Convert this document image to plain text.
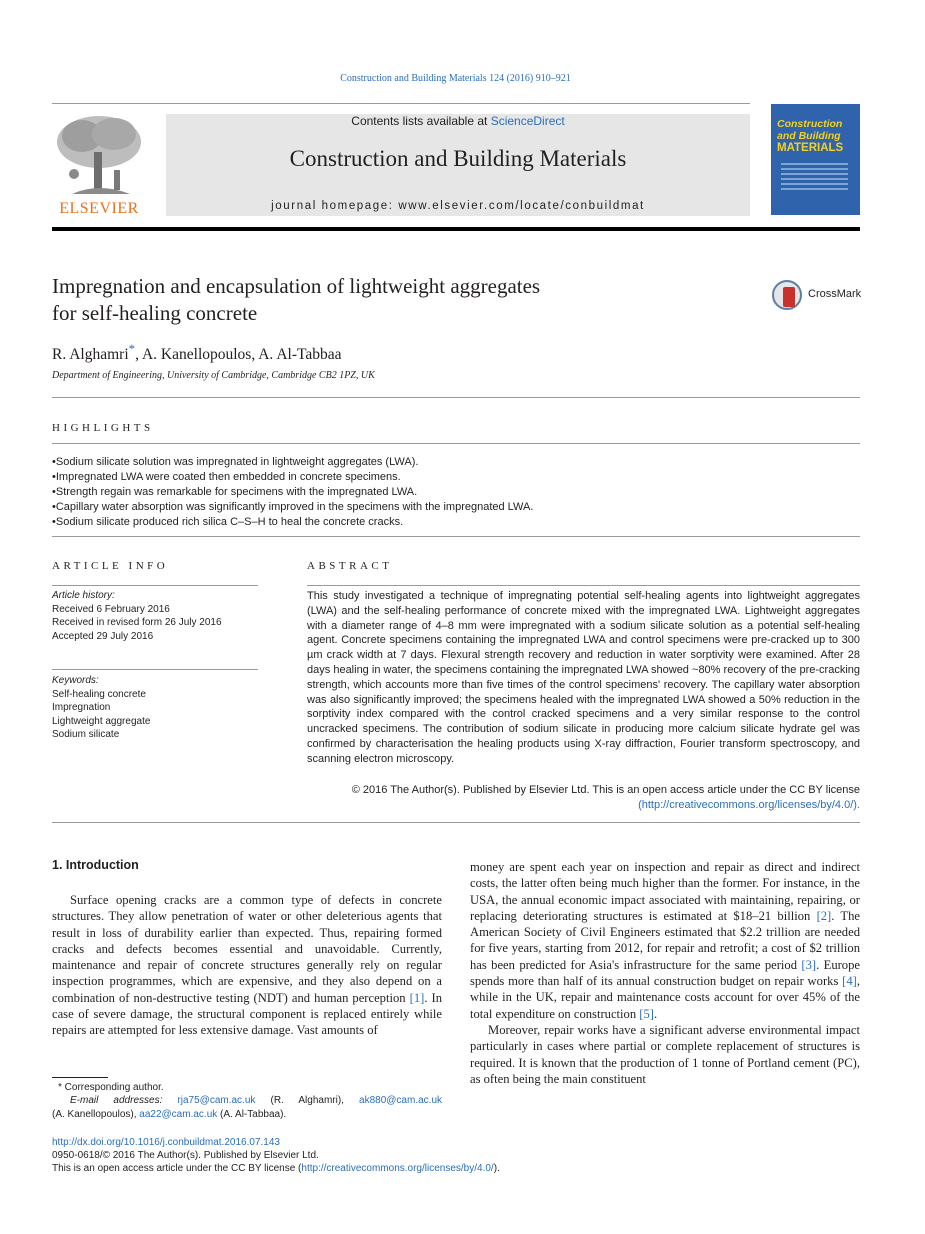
Construction and Building Materials 124 (2016) 910–921
ELSEVIER
Contents lists available at ScienceDirect
Construction and Building Materials
journal homepage: www.elsevier.com/locate/conbuildmat
Construction
and Building
MATERIALS
Impregnation and encapsulation of lightweight aggregates
for self-healing concrete
CrossMark
R. Alghamri*, A. Kanellopoulos, A. Al-Tabbaa
Department of Engineering, University of Cambridge, Cambridge CB2 1PZ, UK
HIGHLIGHTS
• Sodium silicate solution was impregnated in lightweight aggregates (LWA).
• Impregnated LWA were coated then embedded in concrete specimens.
• Strength regain was remarkable for specimens with the impregnated LWA.
• Capillary water absorption was significantly improved in the specimens with the impregnated LWA.
• Sodium silicate produced rich silica C–S–H to heal the concrete cracks.
ARTICLE INFO
Article history:
Received 6 February 2016
Received in revised form 26 July 2016
Accepted 29 July 2016
Keywords:
Self-healing concrete
Impregnation
Lightweight aggregate
Sodium silicate
ABSTRACT
This study investigated a technique of impregnating potential self-healing agents into lightweight aggregates (LWA) and the self-healing performance of concrete mixed with the impregnated LWA. Lightweight aggregates with a diameter range of 4–8 mm were impregnated with a sodium silicate solution as a potential self-healing agent. Concrete specimens containing the impregnated LWA and control specimens were pre-cracked up to 300 µm crack width at 7 days. Flexural strength recovery and reduction in water sorptivity were examined. After 28 days healing in water, the specimens containing the impregnated LWA showed ~80% recovery of the pre-cracking strength, which accounts more than five times of the control specimens' recovery. The capillary water absorption was also significantly improved; the specimens healed with the impregnated LWA showed a 50% reduction in the sorptivity index compared with the control cracked specimens and a very similar response to the control uncracked specimens. The contribution of sodium silicate in producing more calcium silicate hydrate gel was confirmed by characterisation the healing products using X-ray diffraction, Fourier transform spectroscopy, and scanning electron microscopy.
© 2016 The Author(s). Published by Elsevier Ltd. This is an open access article under the CC BY license
(http://creativecommons.org/licenses/by/4.0/).
1. Introduction

Surface opening cracks are a common type of defects in concrete structures. They allow penetration of water or other deleterious agents that result in loss of durability earlier than expected. Thus, repairing formed cracks and defects becomes essential and unavoidable. Currently, maintenance and repair of concrete structures generally rely on regular inspection programmes, which are expensive, and they also depend on a combination of non-destructive testing (NDT) and human perception [1]. In case of severe damage, the structural component is replaced entirely while repairs are attempted for less extensive damage. Vast amounts of

money are spent each year on inspection and repair as direct and indirect costs, the latter often being much higher than the former. For instance, in the USA, the annual economic impact associated with maintaining, repairing, or replacing deteriorating structures is estimated at $18–21 billion [2]. The American Society of Civil Engineers estimated that $2.2 trillion are needed for five years, starting from 2012, for repair and retrofit; a cost of $2 trillion has been predicted for Asia's infrastructure for the same period [3]. Europe spends more than half of its annual construction budget on repair works [4], while in the UK, repair and maintenance costs account for over 45% of the total expenditure on construction [5].

Moreover, repair works have a significant adverse environmental impact particularly in cases where partial or complete replacement of structures is required. It is known that the production of 1 tonne of Portland cement (PC), as often being the main constituent

* Corresponding author.
E-mail addresses: rja75@cam.ac.uk (R. Alghamri), ak880@cam.ac.uk
(A. Kanellopoulos), aa22@cam.ac.uk (A. Al-Tabbaa).
http://dx.doi.org/10.1016/j.conbuildmat.2016.07.143
0950-0618/© 2016 The Author(s). Published by Elsevier Ltd.
This is an open access article under the CC BY license (http://creativecommons.org/licenses/by/4.0/).
